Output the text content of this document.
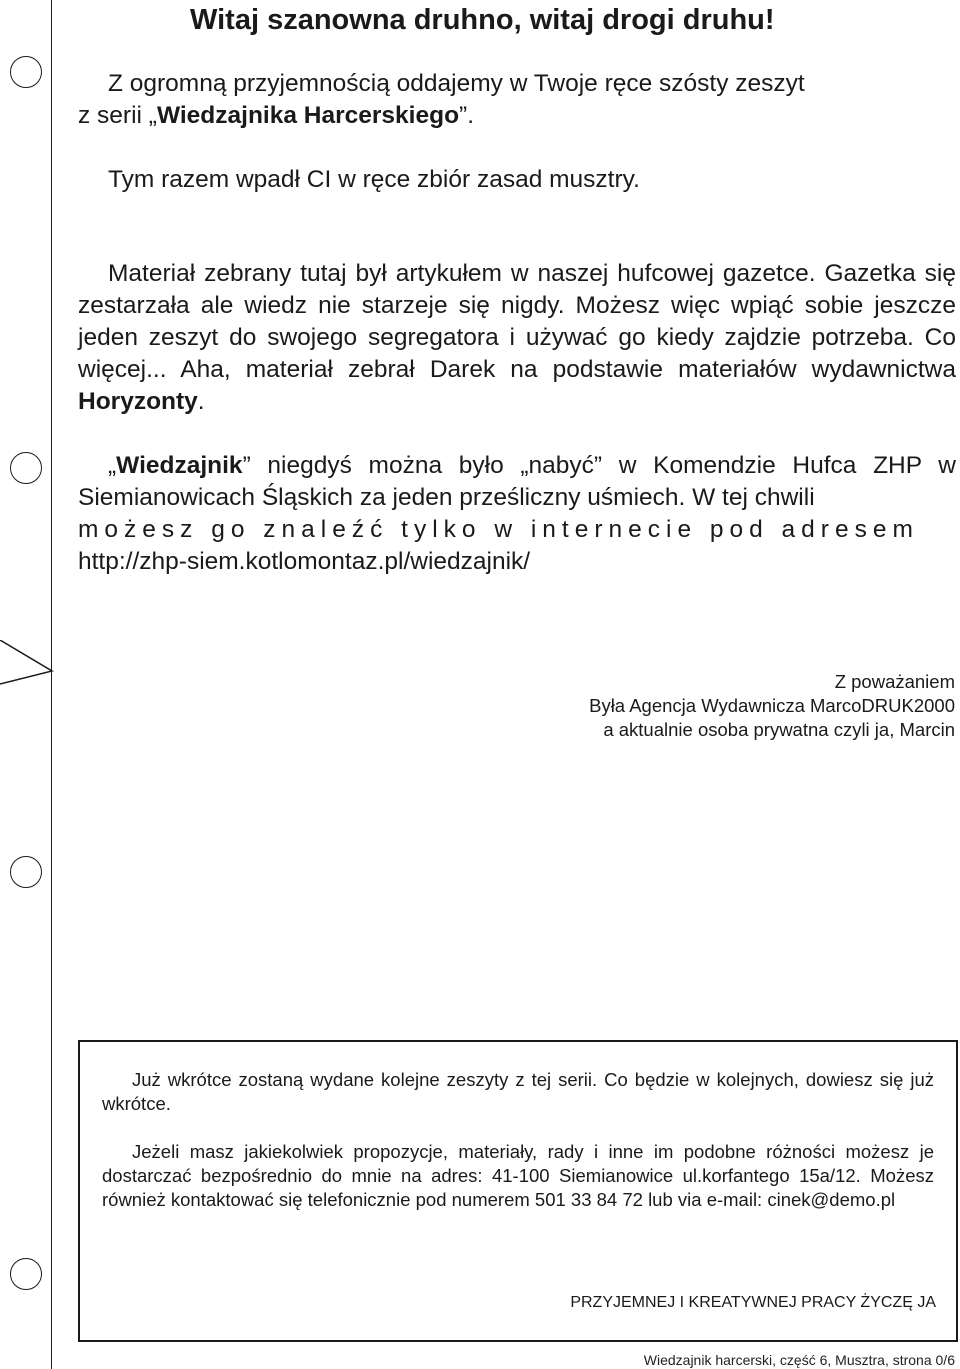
Witaj szanowna druhno, witaj drogi druhu!

Z ogromną przyjemnością oddajemy w Twoje ręce szósty zeszyt

z serii „Wiedzajnika Harcerskiego”.

Tym razem wpadł CI w ręce zbiór zasad musztry.

Materiał zebrany tutaj był artykułem w naszej hufcowej gazetce. Gazetka się zestarzała ale wiedz nie starzeje się nigdy. Możesz więc wpiąć sobie jeszcze jeden zeszyt do swojego segregatora i używać go kiedy zajdzie potrzeba. Co więcej... Aha, materiał zebrał Darek na podstawie materiałów wydawnictwa Horyzonty.

„Wiedzajnik” niegdyś można było „nabyć” w Komendzie Hufca ZHP w Siemianowicach Śląskich za jeden prześliczny uśmiech. W tej chwili

możesz go znaleźć tylko w internecie pod adresem

http://zhp-siem.kotlomontaz.pl/wiedzajnik/

Z poważaniem
Była Agencja Wydawnicza MarcoDRUK2000
a aktualnie osoba prywatna czyli ja, Marcin

Już wkrótce zostaną wydane kolejne zeszyty z tej serii. Co będzie w kolejnych, dowiesz się już wkrótce.

Jeżeli masz jakiekolwiek propozycje, materiały, rady i inne im podobne różności możesz je dostarczać bezpośrednio do mnie na adres: 41-100 Siemianowice ul.korfantego 15a/12. Możesz również kontaktować się telefonicznie pod numerem 501 33 84 72 lub via e-mail: cinek@demo.pl

PRZYJEMNEJ I KREATYWNEJ PRACY ŻYCZĘ JA
Wiedzajnik harcerski, część 6, Musztra, strona 0/6
